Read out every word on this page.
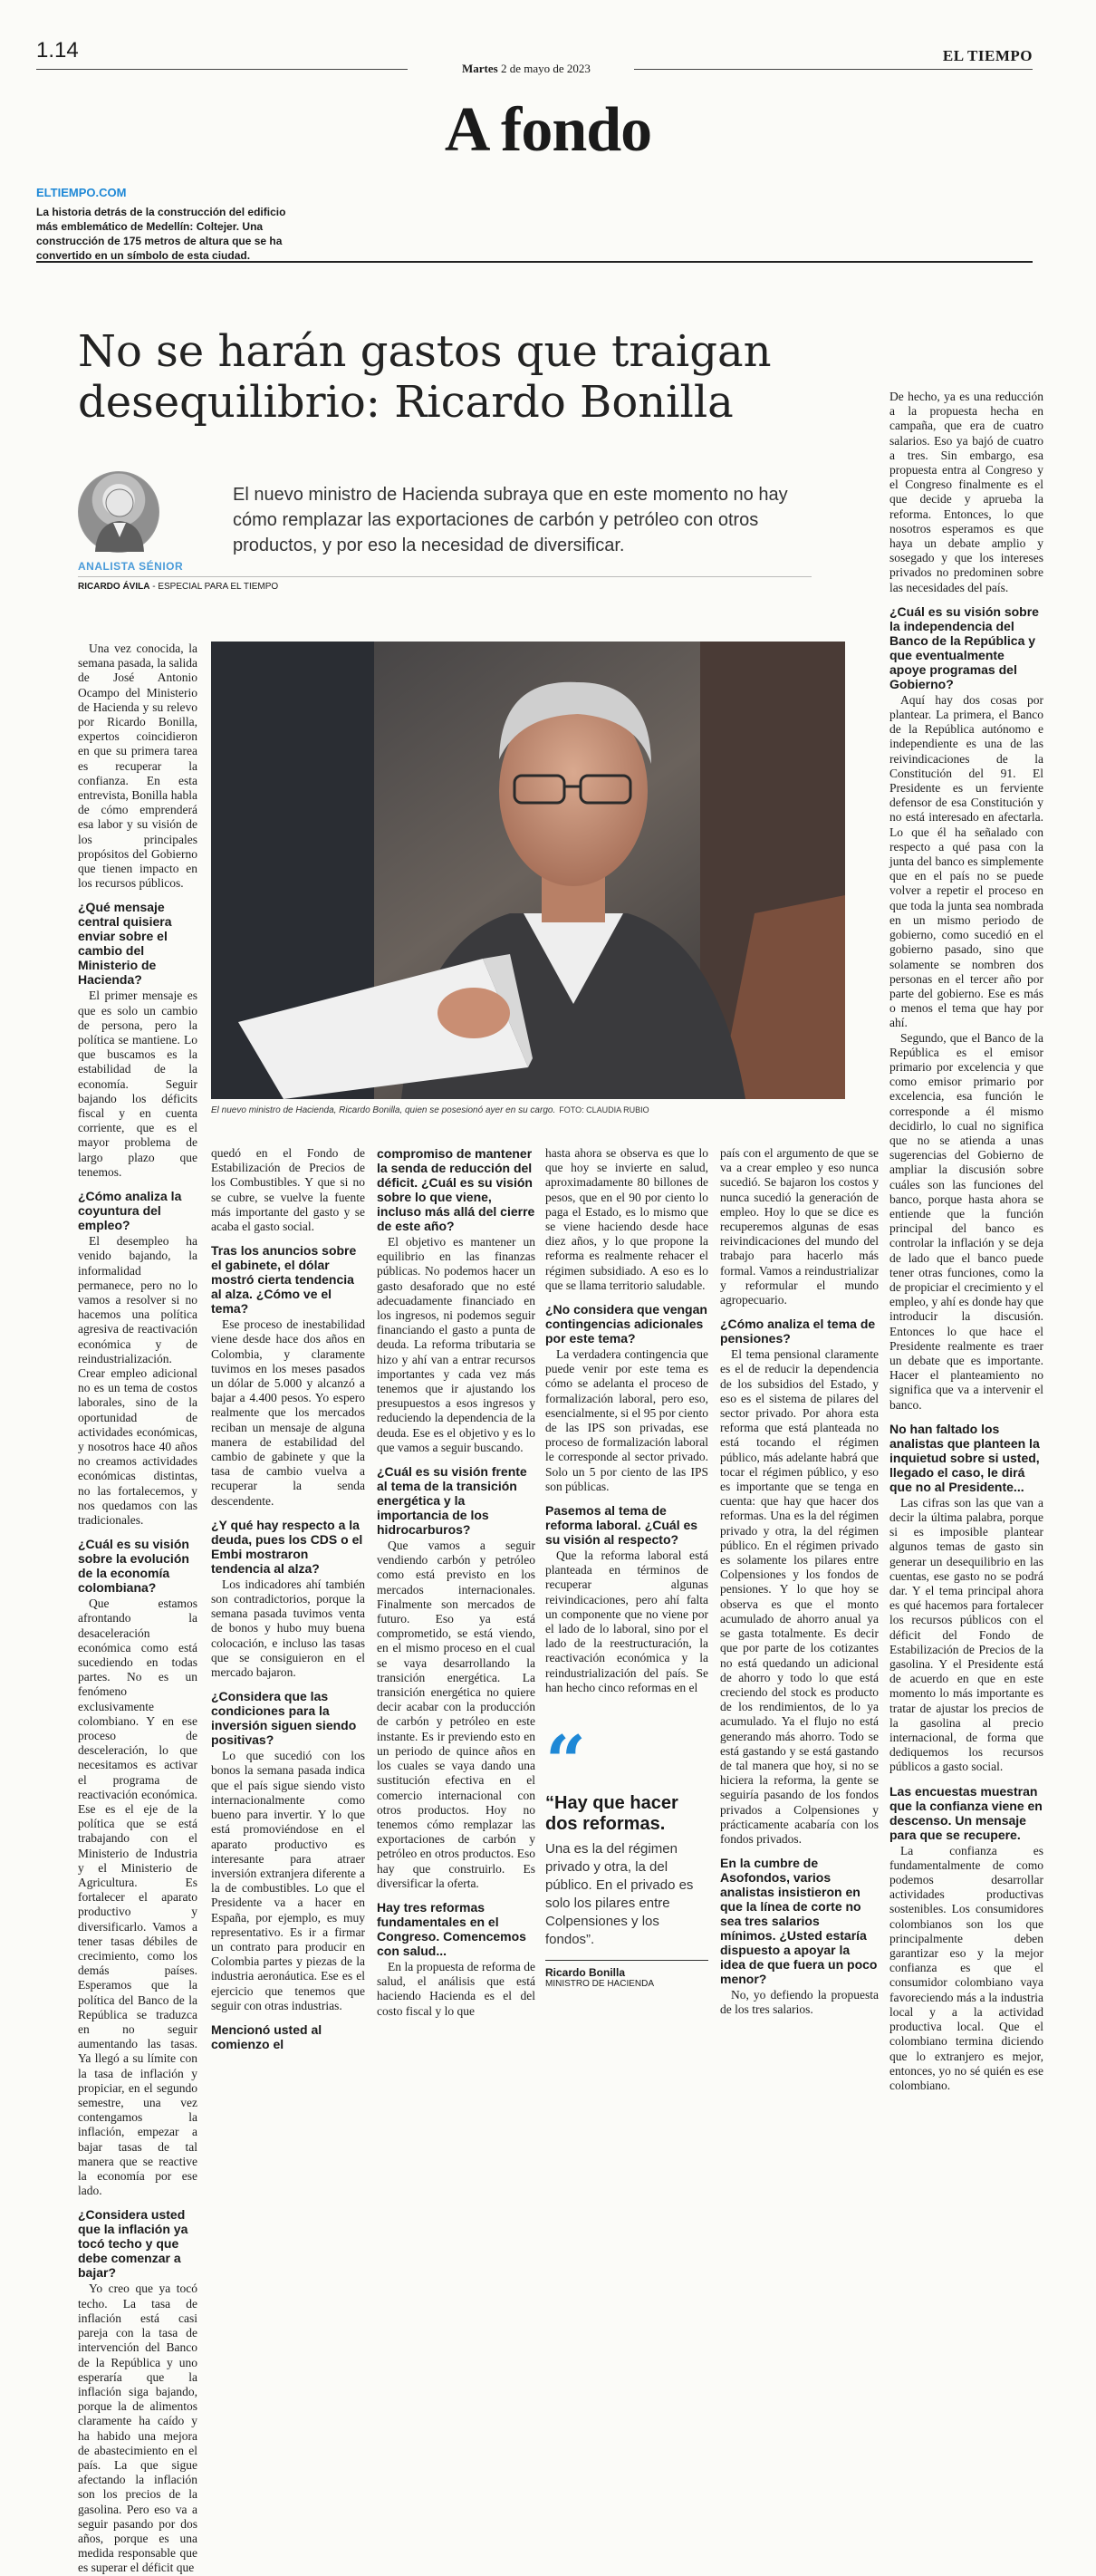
1.14
Martes 2 de mayo de 2023
EL TIEMPO
A fondo
ELTIEMPO.COM
La historia detrás de la construcción del edificio más emblemático de Medellín: Coltejer. Una construcción de 175 metros de altura que se ha convertido en un símbolo de esta ciudad.
No se harán gastos que traigan desequilibrio: Ricardo Bonilla
ANALISTA SÉNIOR
RICARDO ÁVILA - ESPECIAL PARA EL TIEMPO
El nuevo ministro de Hacienda subraya que en este momento no hay cómo remplazar las exportaciones de carbón y petróleo con otros productos, y por eso la necesidad de diversificar.
El nuevo ministro de Hacienda, Ricardo Bonilla, quien se posesionó ayer en su cargo. FOTO: CLAUDIA RUBIO

Una vez conocida, la semana pasada, la salida de José Antonio Ocampo del Ministerio de Hacienda y su relevo por Ricardo Bonilla, expertos coincidieron en que su primera tarea es recuperar la confianza. En esta entrevista, Bonilla habla de cómo emprenderá esa labor y su visión de los principales propósitos del Gobierno que tienen impacto en los recursos públicos.

¿Qué mensaje central quisiera enviar sobre el cambio del Ministerio de Hacienda?

El primer mensaje es que es solo un cambio de persona, pero la política se mantiene. Lo que buscamos es la estabilidad de la economía. Seguir bajando los déficits fiscal y en cuenta corriente, que es el mayor problema de largo plazo que tenemos.

¿Cómo analiza la coyuntura del empleo?

El desempleo ha venido bajando, la informalidad permanece, pero no lo vamos a resolver si no hacemos una política agresiva de reactivación económica y de reindustrialización. Crear empleo adicional no es un tema de costos laborales, sino de la oportunidad de actividades económicas, y nosotros hace 40 años no creamos actividades económicas distintas, no las fortalecemos, y nos quedamos con las tradicionales.

¿Cuál es su visión sobre la evolución de la economía colombiana?

Que estamos afrontando la desaceleración económica como está sucediendo en todas partes. No es un fenómeno exclusivamente colombiano. Y en ese proceso de desceleración, lo que necesitamos es activar el programa de reactivación económica. Ese es el eje de la política que se está trabajando con el Ministerio de Industria y el Ministerio de Agricultura. Es fortalecer el aparato productivo y diversificarlo. Vamos a tener tasas débiles de crecimiento, como los demás países. Esperamos que la política del Banco de la República se traduzca en no seguir aumentando las tasas. Ya llegó a su límite con la tasa de inflación y propiciar, en el segundo semestre, una vez contengamos la inflación, empezar a bajar tasas de tal manera que se reactive la economía por ese lado.

¿Considera usted que la inflación ya tocó techo y que debe comenzar a bajar?

Yo creo que ya tocó techo. La tasa de inflación está casi pareja con la tasa de intervención del Banco de la República y uno esperaría que la inflación siga bajando, porque la de alimentos claramente ha caído y ha habido una mejora de abastecimiento en el país. La que sigue afectando la inflación son los precios de la gasolina. Pero eso va a seguir pasando por dos años, porque es una medida responsable que es superar el déficit que

quedó en el Fondo de Estabilización de Precios de los Combustibles. Y que si no se cubre, se vuelve la fuente más importante del gasto y se acaba el gasto social.

Tras los anuncios sobre el gabinete, el dólar mostró cierta tendencia al alza. ¿Cómo ve el tema?

Ese proceso de inestabilidad viene desde hace dos años en Colombia, y claramente tuvimos en los meses pasados un dólar de 5.000 y alcanzó a bajar a 4.400 pesos. Yo espero realmente que los mercados reciban un mensaje de alguna manera de estabilidad del cambio de gabinete y que la tasa de cambio vuelva a recuperar la senda descendente.

¿Y qué hay respecto a la deuda, pues los CDS o el Embi mostraron tendencia al alza?

Los indicadores ahí también son contradictorios, porque la semana pasada tuvimos venta de bonos y hubo muy buena colocación, e incluso las tasas que se consiguieron en el mercado bajaron.

¿Considera que las condiciones para la inversión siguen siendo positivas?

Lo que sucedió con los bonos la semana pasada indica que el país sigue siendo visto internacionalmente como bueno para invertir. Y lo que está promoviéndose en el aparato productivo es interesante para atraer inversión extranjera diferente a la de combustibles. Lo que el Presidente va a hacer en España, por ejemplo, es muy representativo. Es ir a firmar un contrato para producir en Colombia partes y piezas de la industria aeronáutica. Ese es el ejercicio que tenemos que seguir con otras industrias.

Mencionó usted al comienzo el
compromiso de mantener la senda de reducción del déficit. ¿Cuál es su visión sobre lo que viene, incluso más allá del cierre de este año?

El objetivo es mantener un equilibrio en las finanzas públicas. No podemos hacer un gasto desaforado que no esté adecuadamente financiado en los ingresos, ni podemos seguir financiando el gasto a punta de deuda. La reforma tributaria se hizo y ahí van a entrar recursos importantes y cada vez más tenemos que ir ajustando los presupuestos a esos ingresos y reduciendo la dependencia de la deuda. Ese es el objetivo y es lo que vamos a seguir buscando.

¿Cuál es su visión frente al tema de la transición energética y la importancia de los hidrocarburos?

Que vamos a seguir vendiendo carbón y petróleo como está previsto en los mercados internacionales. Finalmente son mercados de futuro. Eso ya está comprometido, se está viendo, en el mismo proceso en el cual se vaya desarrollando la transición energética. La transición energética no quiere decir acabar con la producción de carbón y petróleo en este instante. Es ir previendo esto en un periodo de quince años en los cuales se vaya dando una sustitución efectiva en el comercio internacional con otros productos. Hoy no tenemos cómo remplazar las exportaciones de carbón y petróleo en otros productos. Eso hay que construirlo. Es diversificar la oferta.

Hay tres reformas fundamentales en el Congreso. Comencemos con salud...

En la propuesta de reforma de salud, el análisis que está haciendo Hacienda es el del costo fiscal y lo que

hasta ahora se observa es que lo que hoy se invierte en salud, aproximadamente 80 billones de pesos, que en el 90 por ciento lo paga el Estado, es lo mismo que se viene haciendo desde hace diez años, y lo que propone la reforma es realmente rehacer el régimen subsidiado. A eso es lo que se llama territorio saludable.

¿No considera que vengan contingencias adicionales por este tema?

La verdadera contingencia que puede venir por este tema es cómo se adelanta el proceso de formalización laboral, pero eso, esencialmente, si el 95 por ciento de las IPS son privadas, ese proceso de formalización laboral le corresponde al sector privado. Solo un 5 por ciento de las IPS son públicas.

Pasemos al tema de reforma laboral. ¿Cuál es su visión al respecto?

Que la reforma laboral está planteada en términos de recuperar algunas reivindicaciones, pero ahí falta un componente que no viene por el lado de lo laboral, sino por el lado de la reestructuración, la reactivación económica y la reindustrialización del país. Se han hecho cinco reformas en el

“
“Hay que hacer dos reformas.
Una es la del régimen privado y otra, la del público. En el privado es solo los pilares entre Colpensiones y los fondos”.
Ricardo Bonilla
MINISTRO DE HACIENDA

país con el argumento de que se va a crear empleo y eso nunca sucedió. Se bajaron los costos y nunca sucedió la generación de empleo. Hoy lo que se dice es recuperemos algunas de esas reivindicaciones del mundo del trabajo para hacerlo más formal. Vamos a reindustrializar y reformular el mundo agropecuario.

¿Cómo analiza el tema de pensiones?

El tema pensional claramente es el de reducir la dependencia de los subsidios del Estado, y eso es el sistema de pilares del sector privado. Por ahora esta reforma que está planteada no está tocando el régimen público, más adelante habrá que tocar el régimen público, y eso es importante que se tenga en cuenta: que hay que hacer dos reformas. Una es la del régimen privado y otra, la del régimen público. En el régimen privado es solamente los pilares entre Colpensiones y los fondos de pensiones. Y lo que hoy se observa es que el monto acumulado de ahorro anual ya se gasta totalmente. Es decir que por parte de los cotizantes no está quedando un adicional de ahorro y todo lo que está creciendo del stock es producto de los rendimientos, de lo ya acumulado. Ya el flujo no está generando más ahorro. Todo se está gastando y se está gastando de tal manera que hoy, si no se hiciera la reforma, la gente se seguiría pasando de los fondos privados a Colpensiones y prácticamente acabaría con los fondos privados.

En la cumbre de Asofondos, varios analistas insistieron en que la línea de corte no sea tres salarios mínimos. ¿Usted estaría dispuesto a apoyar la idea de que fuera un poco menor?

No, yo defiendo la propuesta de los tres salarios.

De hecho, ya es una reducción a la propuesta hecha en campaña, que era de cuatro salarios. Eso ya bajó de cuatro a tres. Sin embargo, esa propuesta entra al Congreso y el Congreso finalmente es el que decide y aprueba la reforma. Entonces, lo que nosotros esperamos es que haya un debate amplio y sosegado y que los intereses privados no predominen sobre las necesidades del país.

¿Cuál es su visión sobre la independencia del Banco de la República y que eventualmente apoye programas del Gobierno?

Aquí hay dos cosas por plantear. La primera, el Banco de la República autónomo e independiente es una de las reivindicaciones de la Constitución del 91. El Presidente es un ferviente defensor de esa Constitución y no está interesado en afectarla. Lo que él ha señalado con respecto a qué pasa con la junta del banco es simplemente que en el país no se puede volver a repetir el proceso en que toda la junta sea nombrada en un mismo periodo de gobierno, como sucedió en el gobierno pasado, sino que solamente se nombren dos personas en el tercer año por parte del gobierno. Ese es más o menos el tema que hay por ahí.

Segundo, que el Banco de la República es el emisor primario por excelencia y que como emisor primario por excelencia, esa función le corresponde a él mismo decidirlo, lo cual no significa que no se atienda a unas sugerencias del Gobierno de ampliar la discusión sobre cuáles son las funciones del banco, porque hasta ahora se entiende que la función principal del banco es controlar la inflación y se deja de lado que el banco puede tener otras funciones, como la de propiciar el crecimiento y el empleo, y ahí es donde hay que introducir la discusión. Entonces lo que hace el Presidente realmente es traer un debate que es importante. Hacer el planteamiento no significa que va a intervenir el banco.

No han faltado los analistas que planteen la inquietud sobre si usted, llegado el caso, le dirá que no al Presidente...

Las cifras son las que van a decir la última palabra, porque si es imposible plantear algunos temas de gasto sin generar un desequilibrio en las cuentas, ese gasto no se podrá dar. Y el tema principal ahora es qué hacemos para fortalecer los recursos públicos con el déficit del Fondo de Estabilización de Precios de la gasolina. Y el Presidente está de acuerdo en que en este momento lo más importante es tratar de ajustar los precios de la gasolina al precio internacional, de forma que dediquemos los recursos públicos a gasto social.

Las encuestas muestran que la confianza viene en descenso. Un mensaje para que se recupere.

La confianza es fundamentalmente de como podemos desarrollar actividades productivas sostenibles. Los consumidores colombianos son los que principalmente deben garantizar eso y la mejor confianza es que el consumidor colombiano vaya favoreciendo más a la industria local y a la actividad productiva local. Que el colombiano termina diciendo que lo extranjero es mejor, entonces, yo no sé quién es ese colombiano.
